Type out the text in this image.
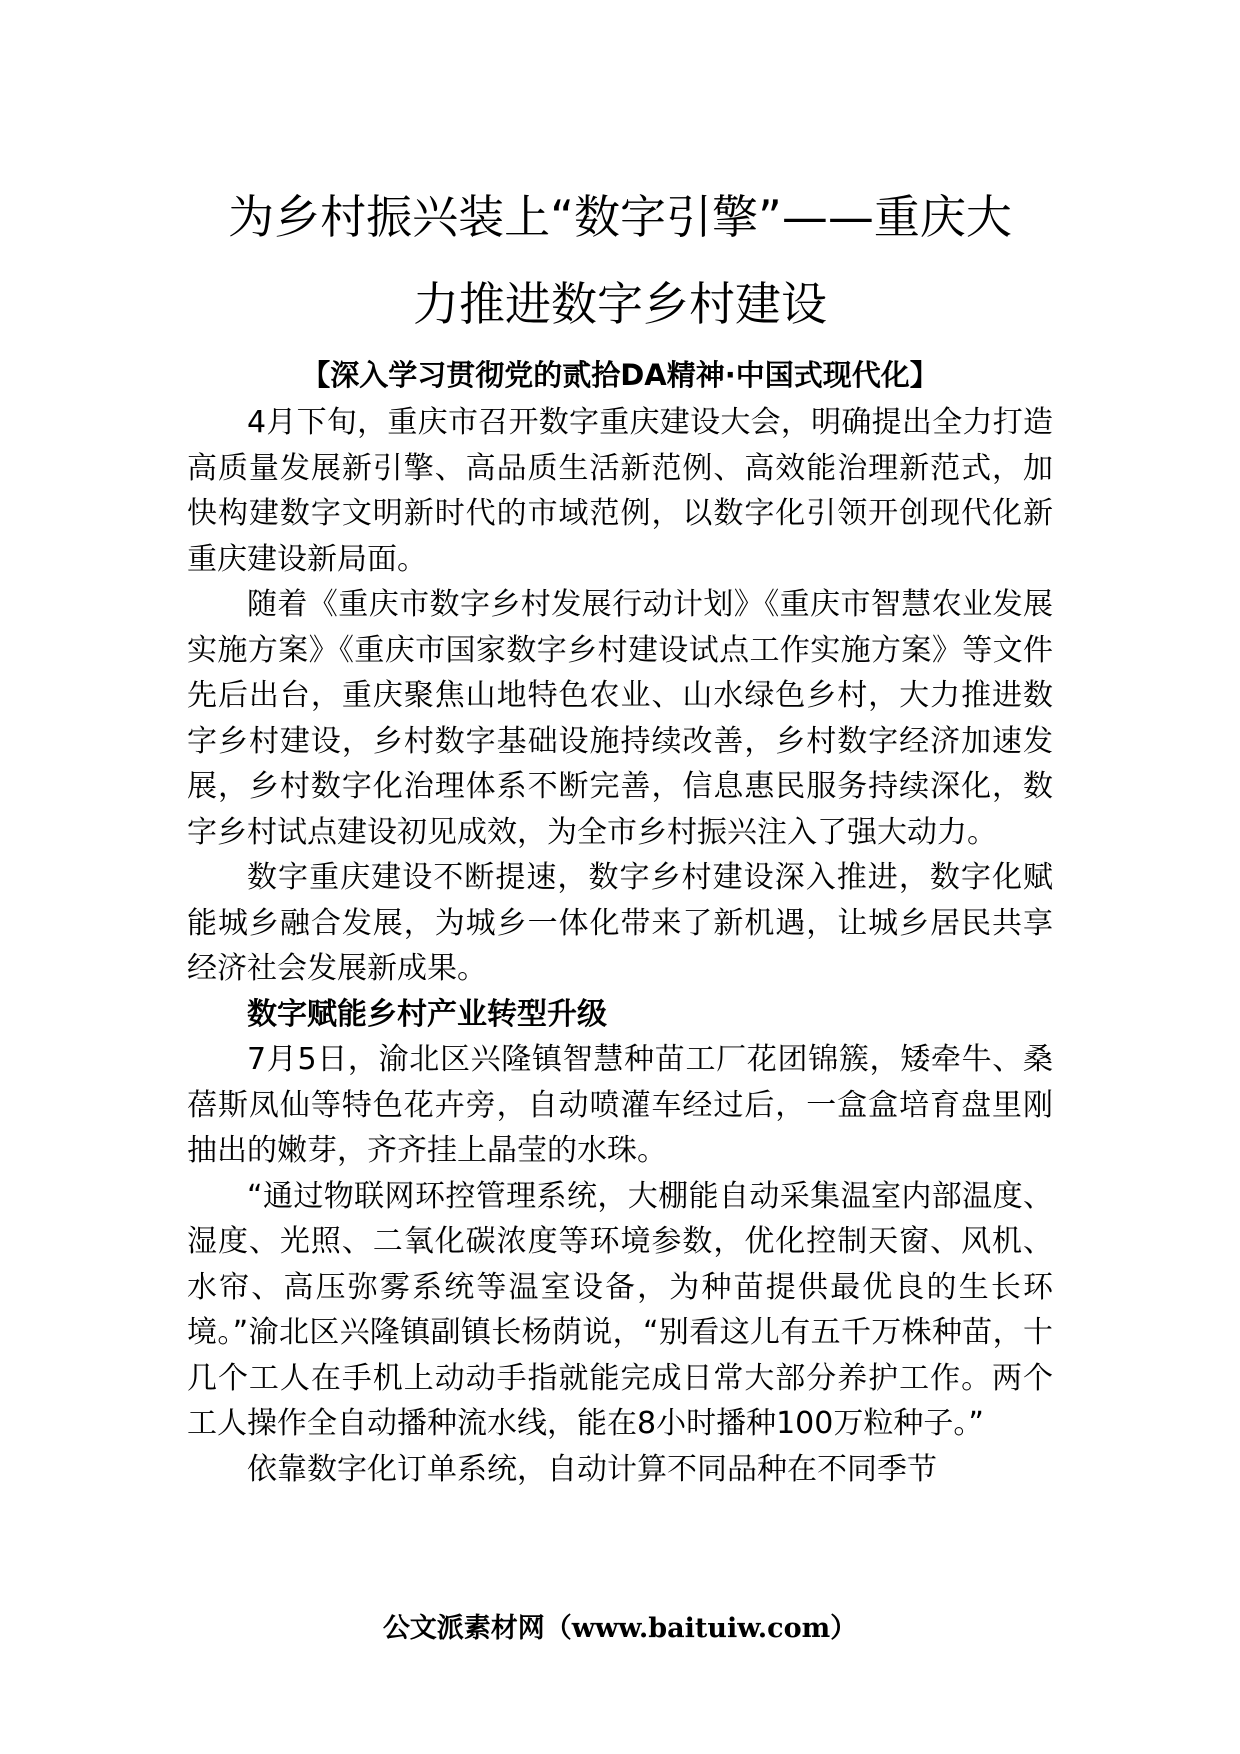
为乡村振兴装上“数字引擎”——重庆大
力推进数字乡村建设
【深入学习贯彻党的贰拾DA精神·中国式现代化】

4月下旬，重庆市召开数字重庆建设大会，明确提出全力打造高质量发展新引擎、高品质生活新范例、高效能治理新范式，加快构建数字文明新时代的市域范例，以数字化引领开创现代化新重庆建设新局面。

随着《重庆市数字乡村发展行动计划》《重庆市智慧农业发展实施方案》《重庆市国家数字乡村建设试点工作实施方案》等文件先后出台，重庆聚焦山地特色农业、山水绿色乡村，大力推进数字乡村建设，乡村数字基础设施持续改善，乡村数字经济加速发展，乡村数字化治理体系不断完善，信息惠民服务持续深化，数字乡村试点建设初见成效，为全市乡村振兴注入了强大动力。

数字重庆建设不断提速，数字乡村建设深入推进，数字化赋能城乡融合发展，为城乡一体化带来了新机遇，让城乡居民共享经济社会发展新成果。

数字赋能乡村产业转型升级

7月5日，渝北区兴隆镇智慧种苗工厂花团锦簇，矮牵牛、桑蓓斯凤仙等特色花卉旁，自动喷灌车经过后，一盒盒培育盘里刚抽出的嫩芽，齐齐挂上晶莹的水珠。

“通过物联网环控管理系统，大棚能自动采集温室内部温度、湿度、光照、二氧化碳浓度等环境参数，优化控制天窗、风机、水帘、高压弥雾系统等温室设备，为种苗提供最优良的生长环境。”渝北区兴隆镇副镇长杨荫说，“别看这儿有五千万株种苗，十几个工人在手机上动动手指就能完成日常大部分养护工作。两个工人操作全自动播种流水线，能在8小时播种100万粒种子。”

依靠数字化订单系统，自动计算不同品种在不同季节

公文派素材网（www.baituiw.com）
